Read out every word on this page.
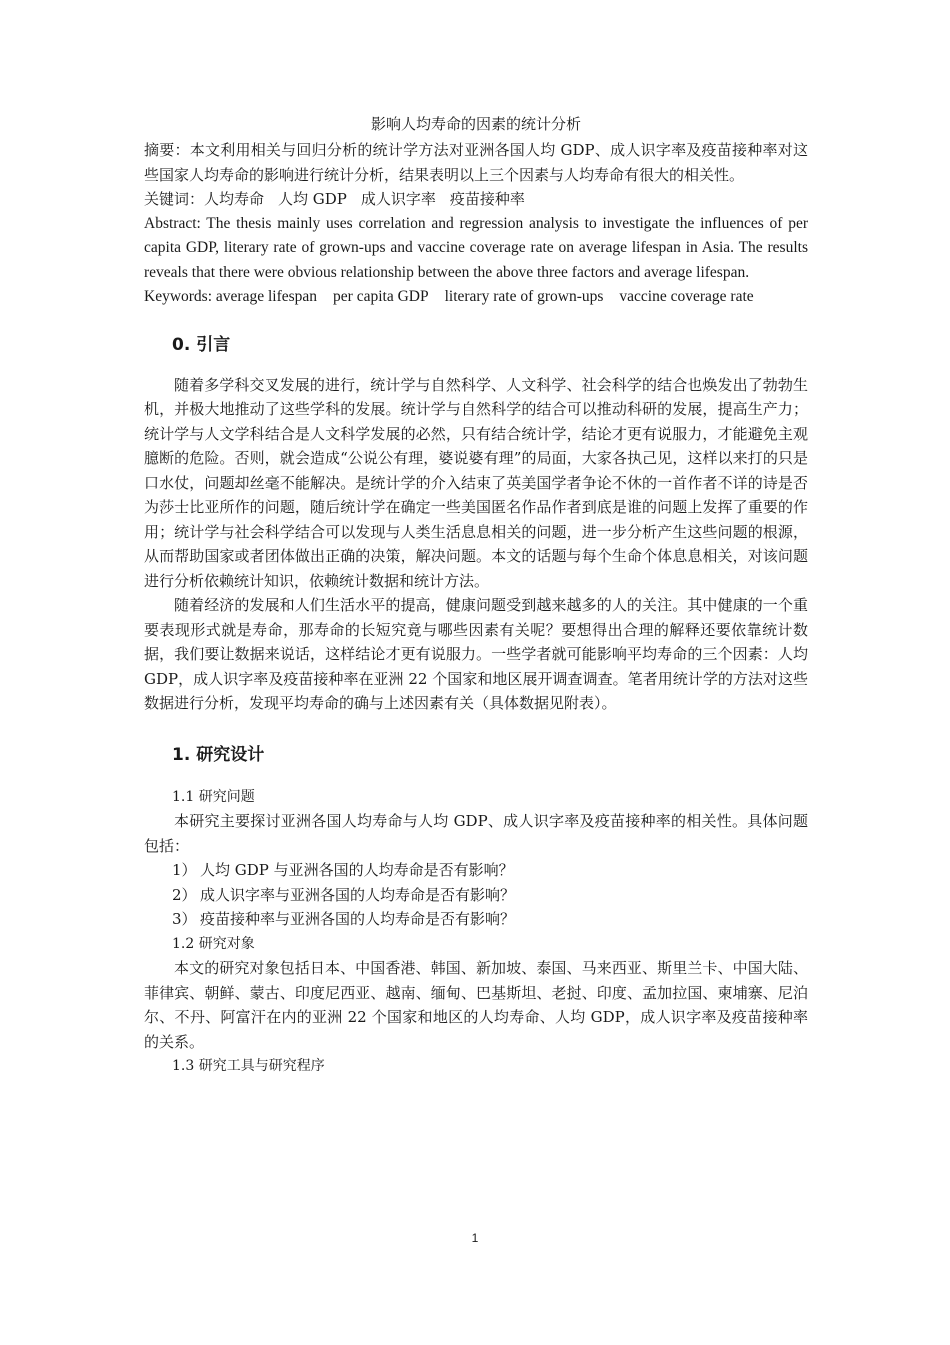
影响人均寿命的因素的统计分析

摘要：本文利用相关与回归分析的统计学方法对亚洲各国人均 GDP、成人识字率及疫苗接种率对这些国家人均寿命的影响进行统计分析，结果表明以上三个因素与人均寿命有很大的相关性。

关键词：人均寿命 人均 GDP 成人识字率 疫苗接种率

Abstract: The thesis mainly uses correlation and regression analysis to investigate the influences of per capita GDP, literary rate of grown-ups and vaccine coverage rate on average lifespan in Asia. The results reveals that there were obvious relationship between the above three factors and average lifespan.

Keywords: average lifespan per capita GDP literary rate of grown-ups vaccine coverage rate

0. 引言

随着多学科交叉发展的进行，统计学与自然科学、人文科学、社会科学的结合也焕发出了勃勃生机，并极大地推动了这些学科的发展。统计学与自然科学的结合可以推动科研的发展，提高生产力；统计学与人文学科结合是人文科学发展的必然，只有结合统计学，结论才更有说服力，才能避免主观臆断的危险。否则，就会造成“公说公有理，婆说婆有理”的局面，大家各执己见，这样以来打的只是口水仗，问题却丝毫不能解决。是统计学的介入结束了英美国学者争论不休的一首作者不详的诗是否为莎士比亚所作的问题，随后统计学在确定一些美国匿名作品作者到底是谁的问题上发挥了重要的作用；统计学与社会科学结合可以发现与人类生活息息相关的问题，进一步分析产生这些问题的根源，从而帮助国家或者团体做出正确的决策，解决问题。本文的话题与每个生命个体息息相关，对该问题进行分析依赖统计知识，依赖统计数据和统计方法。

随着经济的发展和人们生活水平的提高，健康问题受到越来越多的人的关注。其中健康的一个重要表现形式就是寿命，那寿命的长短究竟与哪些因素有关呢？要想得出合理的解释还要依靠统计数据，我们要让数据来说话，这样结论才更有说服力。一些学者就可能影响平均寿命的三个因素：人均 GDP，成人识字率及疫苗接种率在亚洲 22 个国家和地区展开调查调查。笔者用统计学的方法对这些数据进行分析，发现平均寿命的确与上述因素有关（具体数据见附表）。

1. 研究设计

1.1 研究问题

本研究主要探讨亚洲各国人均寿命与人均 GDP、成人识字率及疫苗接种率的相关性。具体问题包括：

1） 人均 GDP 与亚洲各国的人均寿命是否有影响？

2） 成人识字率与亚洲各国的人均寿命是否有影响？

3） 疫苗接种率与亚洲各国的人均寿命是否有影响？

1.2 研究对象

本文的研究对象包括日本、中国香港、韩国、新加坡、泰国、马来西亚、斯里兰卡、中国大陆、菲律宾、朝鲜、蒙古、印度尼西亚、越南、缅甸、巴基斯坦、老挝、印度、孟加拉国、柬埔寨、尼泊尔、不丹、阿富汗在内的亚洲 22 个国家和地区的人均寿命、人均 GDP，成人识字率及疫苗接种率的关系。

1.3 研究工具与研究程序

1
